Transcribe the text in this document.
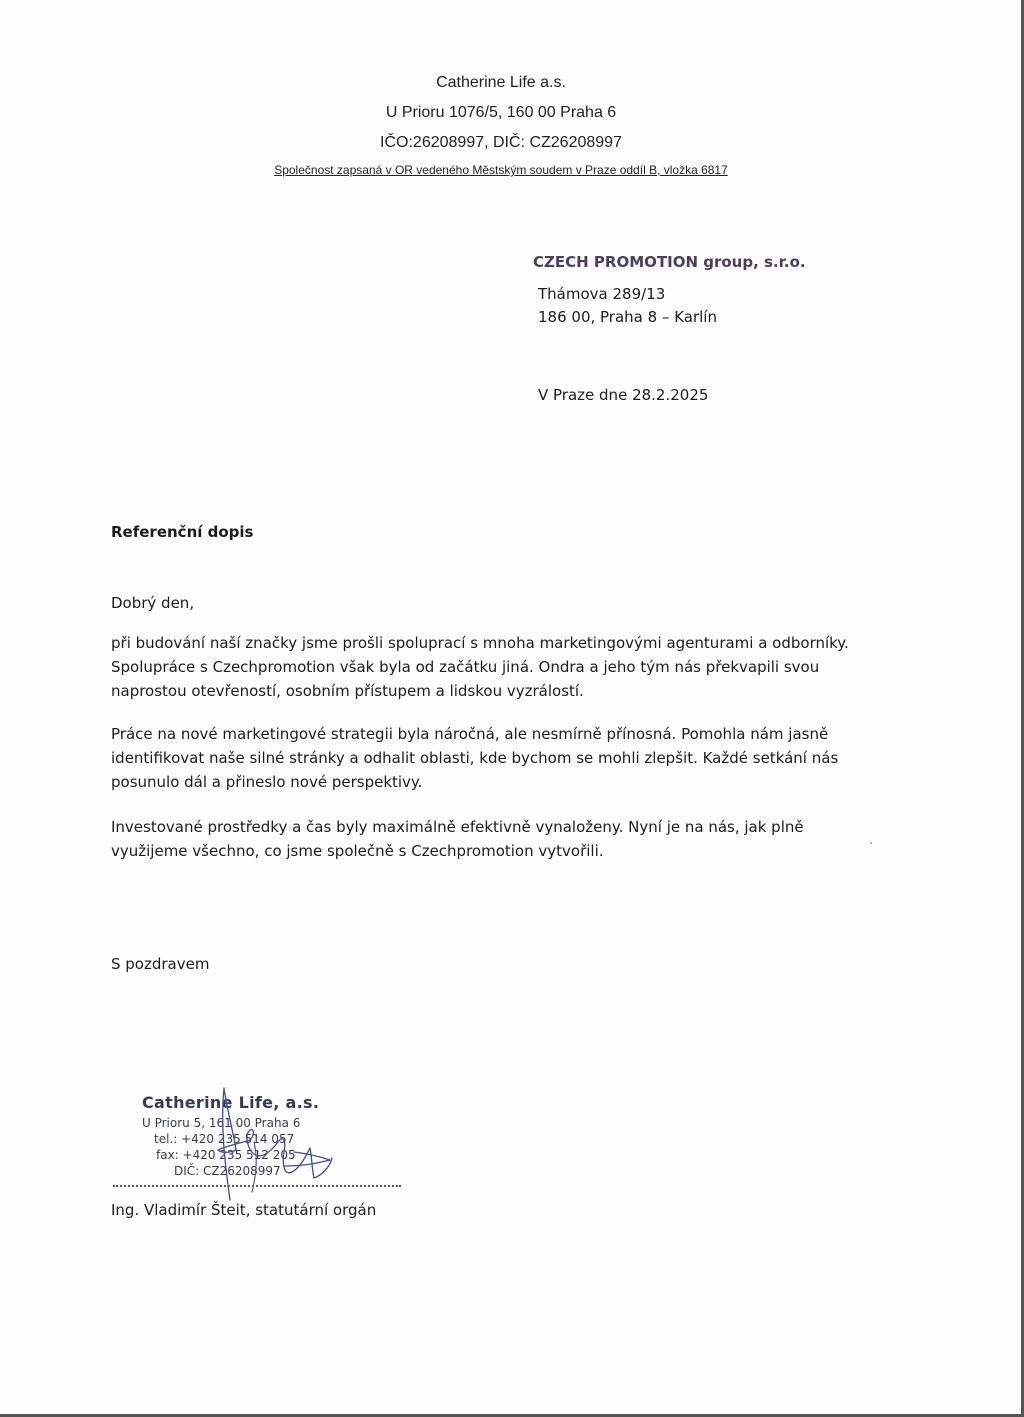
Catherine Life a.s.
U Prioru 1076/5, 160 00 Praha 6
IČO:26208997, DIČ: CZ26208997
Společnost zapsaná v OR vedeného Městským soudem v Praze oddíl B, vložka 6817
CZECH PROMOTION group, s.r.o.
Thámova 289/13
186 00, Praha 8 – Karlín
V Praze dne 28.2.2025
Referenční dopis
Dobrý den,
při budování naší značky jsme prošli spoluprací s mnoha marketingovými agenturami a odborníky.
Spolupráce s Czechpromotion však byla od začátku jiná. Ondra a jeho tým nás překvapili svou
naprostou otevřeností, osobním přístupem a lidskou vyzrálostí.
Práce na nové marketingové strategii byla náročná, ale nesmírně přínosná. Pomohla nám jasně
identifikovat naše silné stránky a odhalit oblasti, kde bychom se mohli zlepšit. Každé setkání nás
posunulo dál a přineslo nové perspektivy.
Investované prostředky a čas byly maximálně efektivně vynaloženy. Nyní je na nás, jak plně
využijeme všechno, co jsme společně s Czechpromotion vytvořili.
S pozdravem
Catherine Life, a.s.
U Prioru 5, 161 00 Praha 6
tel.: +420 235 514 057
fax: +420 235 512 205
DIČ: CZ26208997
Ing. Vladimír Šteit, statutární orgán
